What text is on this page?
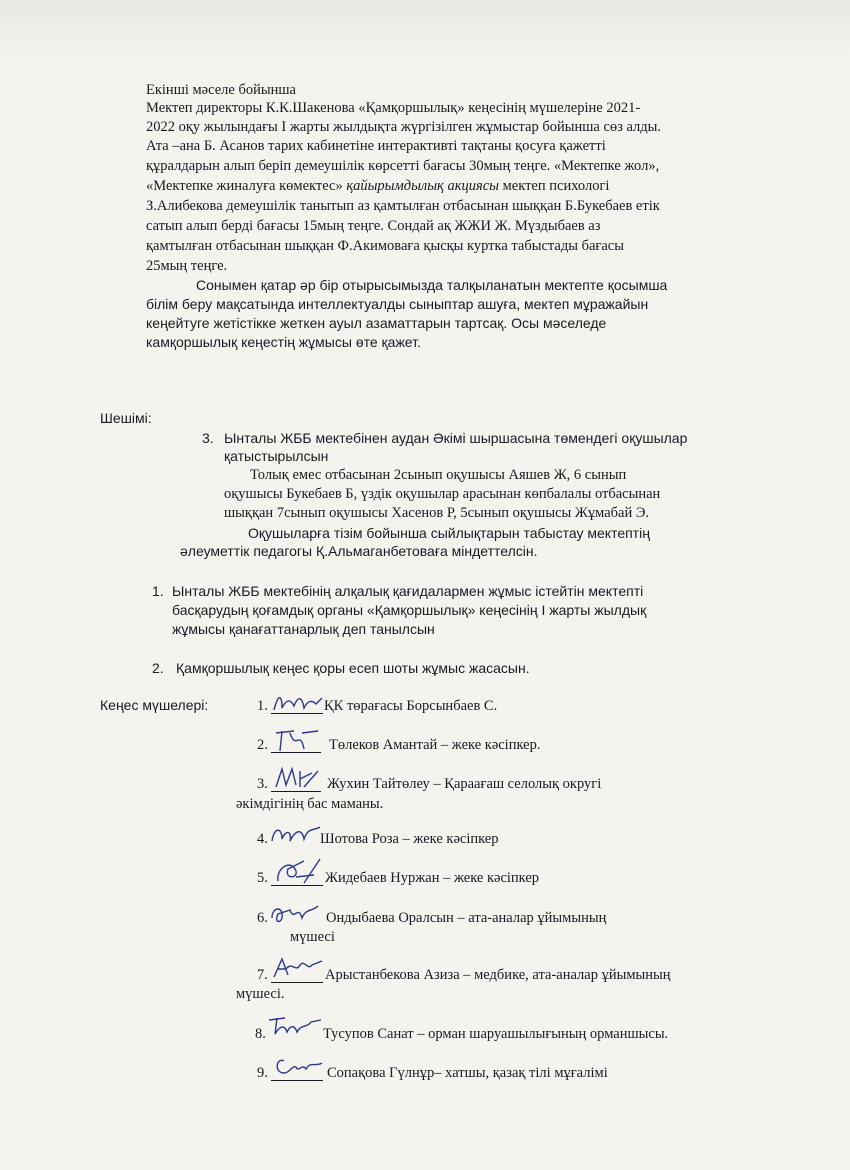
Екінші мәселе бойынша
Мектеп директоры К.К.Шакенова «Қамқоршылық» кеңесінің мүшелеріне 2021-
2022 оқу жылындағы І жарты жылдықта жүргізілген жұмыстар бойынша сөз алды.
Ата –ана Б. Асанов тарих кабинетіне интерактивті тақтаны қосуға қажетті
құралдарын алып беріп демеушілік көрсетті бағасы 30мың теңге. «Мектепке жол»,
«Мектепке жиналуға көмектес» қайырымдылық акциясы мектеп психологі
З.Алибекова демеушілік танытып аз қамтылған отбасынан шыққан Б.Букебаев етік
сатып алып берді бағасы 15мың теңге. Сондай ақ ЖЖИ Ж. Мүздыбаев аз
қамтылған отбасынан шыққан Ф.Акимоваға қысқы куртка табыстады бағасы
25мың теңге.
Сонымен қатар әр бір отырысымызда талқыланатын мектепте қосымша
білім беру мақсатында интеллектуалды сыныптар ашуға, мектеп мұражайын
кеңейтуге жетістікке жеткен ауыл азаматтарын тартсақ. Осы мәселеде
камқоршылық кеңестің жұмысы өте қажет.
Шешімі:
3. Ынталы ЖББ мектебінен аудан Әкімі шыршасына төмендегі оқушылар
қатыстырылсын
Толық емес отбасынан 2сынып оқушысы Аяшев Ж, 6 сынып
оқушысы Букебаев Б, үздік оқушылар арасынан көпбалалы отбасынан
шыққан 7сынып оқушысы Хасенов Р, 5сынып оқушысы Жұмабай Э.
Оқушыларға тізім бойынша сыйлықтарын табыстау мектептің
әлеуметтік педагогы Қ.Альмаганбетоваға міндеттелсін.
1. Ынталы ЖББ мектебінің алқалық қағидалармен жұмыс істейтін мектепті
басқарудың қоғамдық органы «Қамқоршылық» кеңесінің І жарты жылдық
жұмысы қанағаттанарлық деп танылсын
2. Қамқоршылық кеңес қоры есеп шоты жұмыс жасасын.
Кеңес мүшелері:	1.	ҚК төрағасы Борсынбаев С.
2.	Төлеков Амантай – жеке кәсіпкер.
3.	Жухин Тайтөлеу – Қараағаш селолық округі
әкімдігінің бас маманы.
4.	Шотова Роза – жеке кәсіпкер
5.	Жидебаев Нуржан – жеке кәсіпкер
6.	Ондыбаева Оралсын – ата-аналар ұйымының
мүшесі
7.	Арыстанбекова Азиза – медбике, ата-аналар ұйымының
мүшесі.
8.	Тусупов Санат – орман шаруашылығының орманшысы.
9.	Сопақова Гүлнұр– хатшы, қазақ тілі мұғалімі
